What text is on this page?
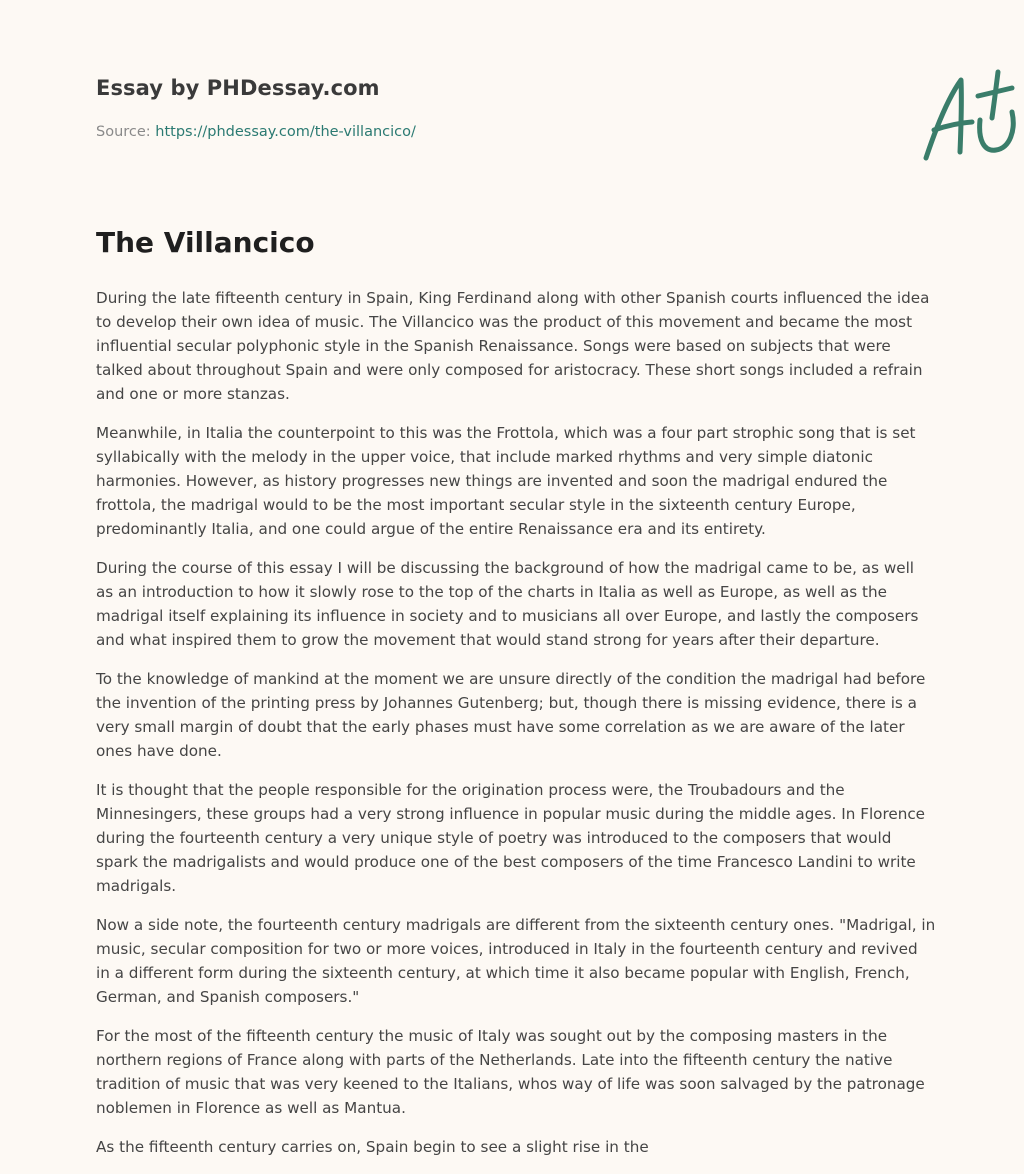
Essay by PHDessay.com
Source: https://phdessay.com/the-villancico/
The Villancico

During the late fifteenth century in Spain, King Ferdinand along with other Spanish courts influenced the idea to develop their own idea of music. The Villancico was the product of this movement and became the most influential secular polyphonic style in the Spanish Renaissance. Songs were based on subjects that were talked about throughout Spain and were only composed for aristocracy. These short songs included a refrain and one or more stanzas.

Meanwhile, in Italia the counterpoint to this was the Frottola, which was a four part strophic song that is set syllabically with the melody in the upper voice, that include marked rhythms and very simple diatonic harmonies. However, as history progresses new things are invented and soon the madrigal endured the frottola, the madrigal would to be the most important secular style in the sixteenth century Europe, predominantly Italia, and one could argue of the entire Renaissance era and its entirety.

During the course of this essay I will be discussing the background of how the madrigal came to be, as well as an introduction to how it slowly rose to the top of the charts in Italia as well as Europe, as well as the madrigal itself explaining its influence in society and to musicians all over Europe, and lastly the composers and what inspired them to grow the movement that would stand strong for years after their departure.

To the knowledge of mankind at the moment we are unsure directly of the condition the madrigal had before the invention of the printing press by Johannes Gutenberg; but, though there is missing evidence, there is a very small margin of doubt that the early phases must have some correlation as we are aware of the later ones have done.

It is thought that the people responsible for the origination process were, the Troubadours and the Minnesingers, these groups had a very strong influence in popular music during the middle ages. In Florence during the fourteenth century a very unique style of poetry was introduced to the composers that would spark the madrigalists and would produce one of the best composers of the time Francesco Landini to write madrigals.

Now a side note, the fourteenth century madrigals are different from the sixteenth century ones. "Madrigal, in music, secular composition for two or more voices, introduced in Italy in the fourteenth century and revived in a different form during the sixteenth century, at which time it also became popular with English, French, German, and Spanish composers."

For the most of the fifteenth century the music of Italy was sought out by the composing masters in the northern regions of France along with parts of the Netherlands. Late into the fifteenth century the native tradition of music that was very keened to the Italians, whos way of life was soon salvaged by the patronage noblemen in Florence as well as Mantua.

As the fifteenth century carries on, Spain begin to see a slight rise in the
